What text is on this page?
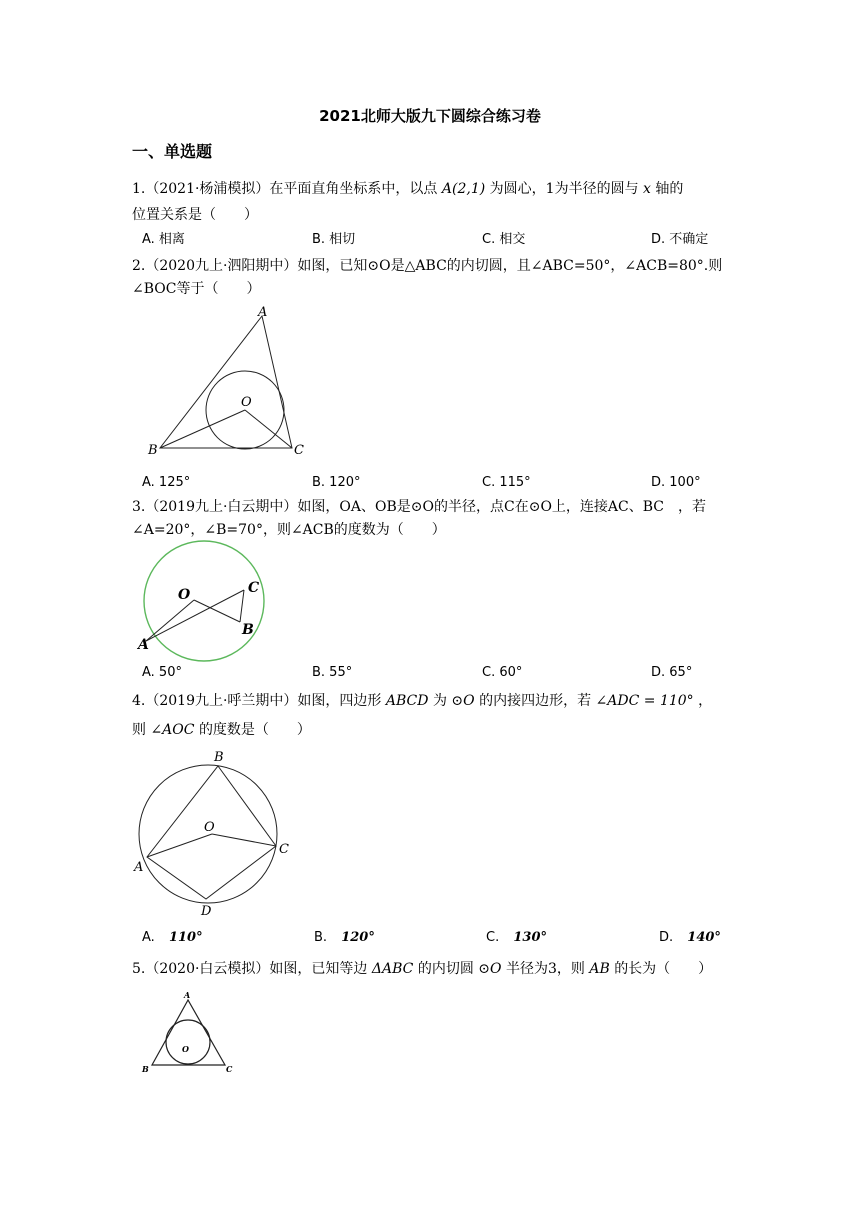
2021北师大版九下圆综合练习卷
一、单选题
1.（2021·杨浦模拟）在平面直角坐标系中，以点 A(2,1) 为圆心，1为半径的圆与 x 轴的
位置关系是（　　）
A. 相离	B. 相切	C. 相交	D. 不确定
2.（2020九上·泗阳期中）如图，已知⊙O是△ABC的内切圆，且∠ABC=50°，∠ACB=80°.则
∠BOC等于（　　）
A
O
B	C
A. 125°	B. 120°	C. 115°	D. 100°
3.（2019九上·白云期中）如图，OA、OB是⊙O的半径，点C在⊙O上，连接AC、BC　，若
∠A=20°，∠B=70°，则∠ACB的度数为（　　）
O	C
A
B
A. 50°	B. 55°	C. 60°	D. 65°
4.（2019九上·呼兰期中）如图，四边形 ABCD 为 ⊙O 的内接四边形，若 ∠ADC = 110° ，
则 ∠AOC 的度数是（　　）
B
O
C
A
D
A. 110°	B. 120°	C. 130°	D. 140°
5.（2020·白云模拟）如图，已知等边 ΔABC 的内切圆 ⊙O 半径为3，则 AB 的长为（　　）
A
O
B	C
